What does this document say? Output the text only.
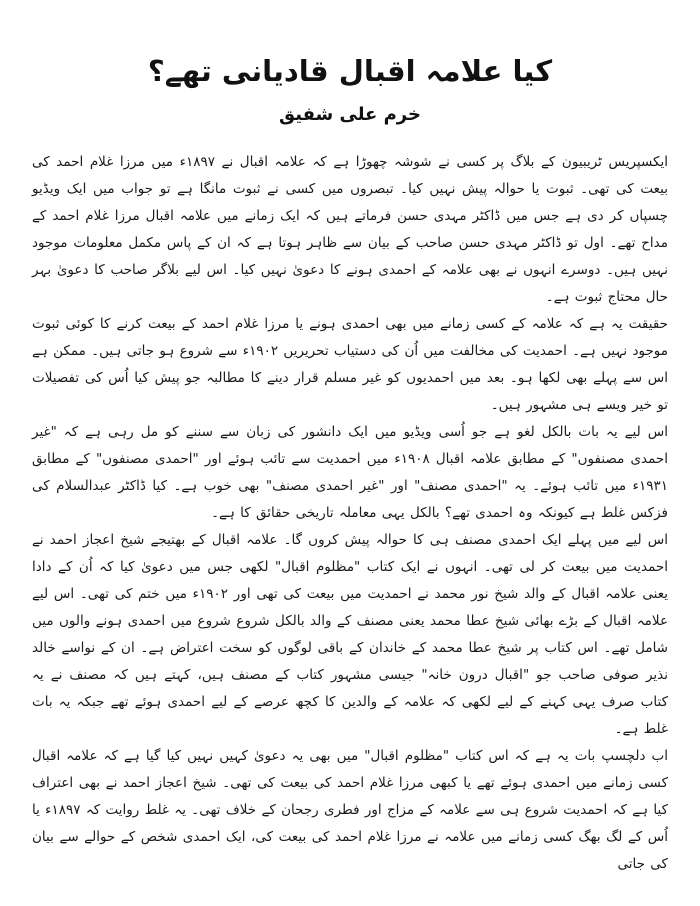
کیا علامہ اقبال قادیانی تھے؟
خرم علی شفیق

ایکسپریس ٹریبیون کے بلاگ پر کسی نے شوشہ چھوڑا ہے کہ علامہ اقبال نے ۱۸۹۷ء میں مرزا غلام احمد کی بیعت کی تھی۔ ثبوت یا حوالہ پیش نہیں کیا۔ تبصروں میں کسی نے ثبوت مانگا ہے تو جواب میں ایک ویڈیو چسپاں کر دی ہے جس میں ڈاکٹر مہدی حسن فرماتے ہیں کہ ایک زمانے میں علامہ اقبال مرزا غلام احمد کے مداح تھے۔ اول تو ڈاکٹر مہدی حسن صاحب کے بیان سے ظاہر ہوتا ہے کہ ان کے پاس مکمل معلومات موجود نہیں ہیں۔ دوسرے انہوں نے بھی علامہ کے احمدی ہونے کا دعویٰ نہیں کیا۔ اس لیے بلاگر صاحب کا دعویٰ بہر حال محتاج ثبوت ہے۔

حقیقت یہ ہے کہ علامہ کے کسی زمانے میں بھی احمدی ہونے یا مرزا غلام احمد کے بیعت کرنے کا کوئی ثبوت موجود نہیں ہے۔ احمدیت کی مخالفت میں اُن کی دستیاب تحریریں ۱۹۰۲ء سے شروع ہو جاتی ہیں۔ ممکن ہے اس سے پہلے بھی لکھا ہو۔ بعد میں احمدیوں کو غیر مسلم قرار دینے کا مطالبہ جو پیش کیا اُس کی تفصیلات تو خیر ویسے ہی مشہور ہیں۔

اس لیے یہ بات بالکل لغو ہے جو اُسی ویڈیو میں ایک دانشور کی زبان سے سننے کو مل رہی ہے کہ "غیر احمدی مصنفوں" کے مطابق علامہ اقبال ۱۹۰۸ء میں احمدیت سے تائب ہوئے اور "احمدی مصنفوں" کے مطابق ۱۹۳۱ء میں تائب ہوئے۔ یہ "احمدی مصنف" اور "غیر احمدی مصنف" بھی خوب ہے۔ کیا ڈاکٹر عبدالسلام کی فزکس غلط ہے کیونکہ وہ احمدی تھے؟ بالکل یہی معاملہ تاریخی حقائق کا ہے۔

اس لیے میں پہلے ایک احمدی مصنف ہی کا حوالہ پیش کروں گا۔ علامہ اقبال کے بھتیجے شیخ اعجاز احمد نے احمدیت میں بیعت کر لی تھی۔ انہوں نے ایک کتاب "مظلوم اقبال" لکھی جس میں دعویٰ کیا کہ اُن کے دادا یعنی علامہ اقبال کے والد شیخ نور محمد نے احمدیت میں بیعت کی تھی اور ۱۹۰۲ء میں ختم کی تھی۔ اس لیے علامہ اقبال کے بڑے بھائی شیخ عطا محمد یعنی مصنف کے والد بالکل شروع شروع میں احمدی ہونے والوں میں شامل تھے۔ اس کتاب پر شیخ عطا محمد کے خاندان کے باقی لوگوں کو سخت اعتراض ہے۔ ان کے نواسے خالد نذیر صوفی صاحب جو "اقبال درون خانہ" جیسی مشہور کتاب کے مصنف ہیں، کہتے ہیں کہ مصنف نے یہ کتاب صرف یہی کہنے کے لیے لکھی کہ علامہ کے والدین کا کچھ عرصے کے لیے احمدی ہوئے تھے جبکہ یہ بات غلط ہے۔

اب دلچسپ بات یہ ہے کہ اس کتاب "مظلوم اقبال" میں بھی یہ دعویٰ کہیں نہیں کیا گیا ہے کہ علامہ اقبال کسی زمانے میں احمدی ہوئے تھے یا کبھی مرزا غلام احمد کی بیعت کی تھی۔ شیخ اعجاز احمد نے بھی اعتراف کیا ہے کہ احمدیت شروع ہی سے علامہ کے مزاج اور فطری رجحان کے خلاف تھی۔ یہ غلط روایت کہ ۱۸۹۷ء یا اُس کے لگ بھگ کسی زمانے میں علامہ نے مرزا غلام احمد کی بیعت کی، ایک احمدی شخص کے حوالے سے بیان کی جاتی
